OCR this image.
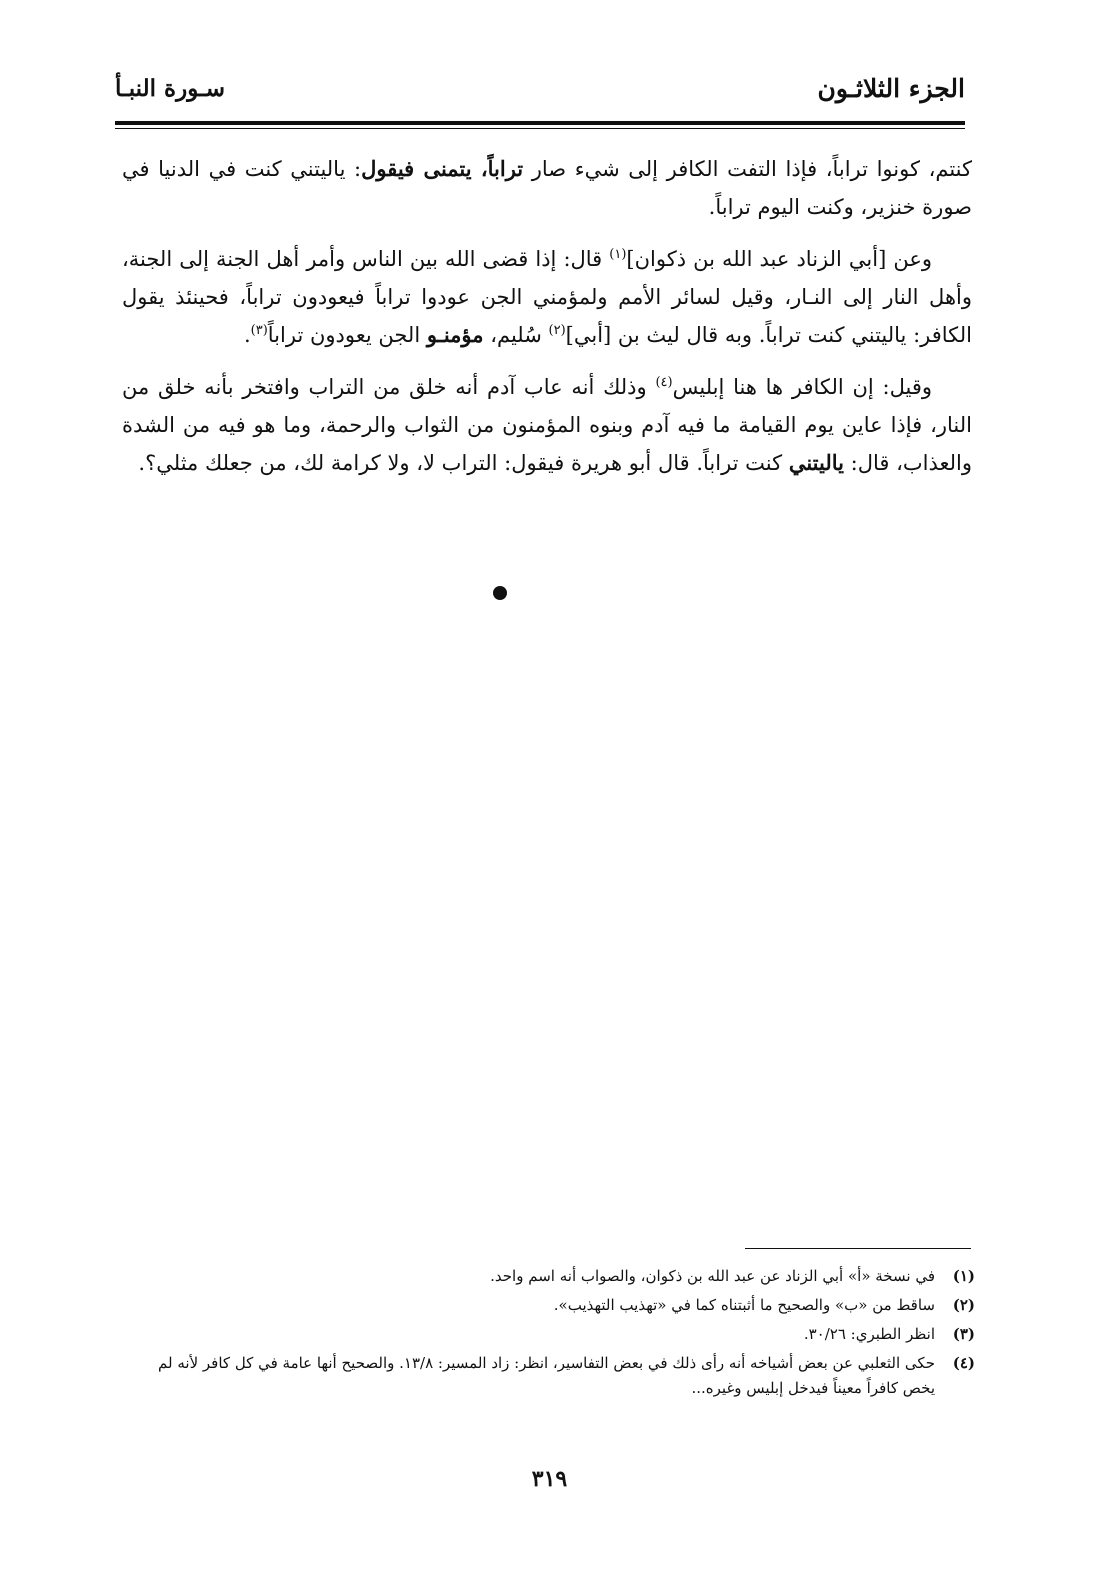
الجزء الثلاثـون
سـورة النبـأ

كنتم، كونوا تراباً، فإذا التفت الكافر إلى شيء صار تراباً، يتمنى فيقول: ياليتني كنت في الدنيا في صورة خنزير، وكنت اليوم تراباً.

وعن [أبي الزناد عبد الله بن ذكوان]$^{(١)}$ قال: إذا قضى الله بين الناس وأمر أهل الجنة إلى الجنة، وأهل النار إلى النـار، وقيل لسائر الأمم ولمؤمني الجن عودوا تراباً فيعودون تراباً، فحينئذ يقول الكافر: ياليتني كنت تراباً. وبه قال ليث بن [أبي]$^{(٢)}$ سُليم، مؤمنـو الجن يعودون تراباً$^{(٣)}$.

وقيل: إن الكافر ها هنا إبليس$^{(٤)}$ وذلك أنه عاب آدم أنه خلق من التراب وافتخر بأنه خلق من النار، فإذا عاين يوم القيامة ما فيه آدم وبنوه المؤمنون من الثواب والرحمة، وما هو فيه من الشدة والعذاب، قال: ياليتني كنت تراباً. قال أبو هريرة فيقول: التراب لا، ولا كرامة لك، من جعلك مثلي؟.

(١)
في نسخة «أ» أبي الزناد عن عبد الله بن ذكوان، والصواب أنه اسم واحد.
(٢)
ساقط من «ب» والصحيح ما أثبتناه كما في «تهذيب التهذيب».
(٣)
انظر الطبري: ٣٠/٢٦.
(٤)
حكى الثعلبي عن بعض أشياخه أنه رأى ذلك في بعض التفاسير، انظر: زاد المسير: ١٣/٨. والصحيح أنها عامة في كل كافر لأنه لم يخص كافراً معيناً فيدخل إبليس وغيره...
٣١٩
